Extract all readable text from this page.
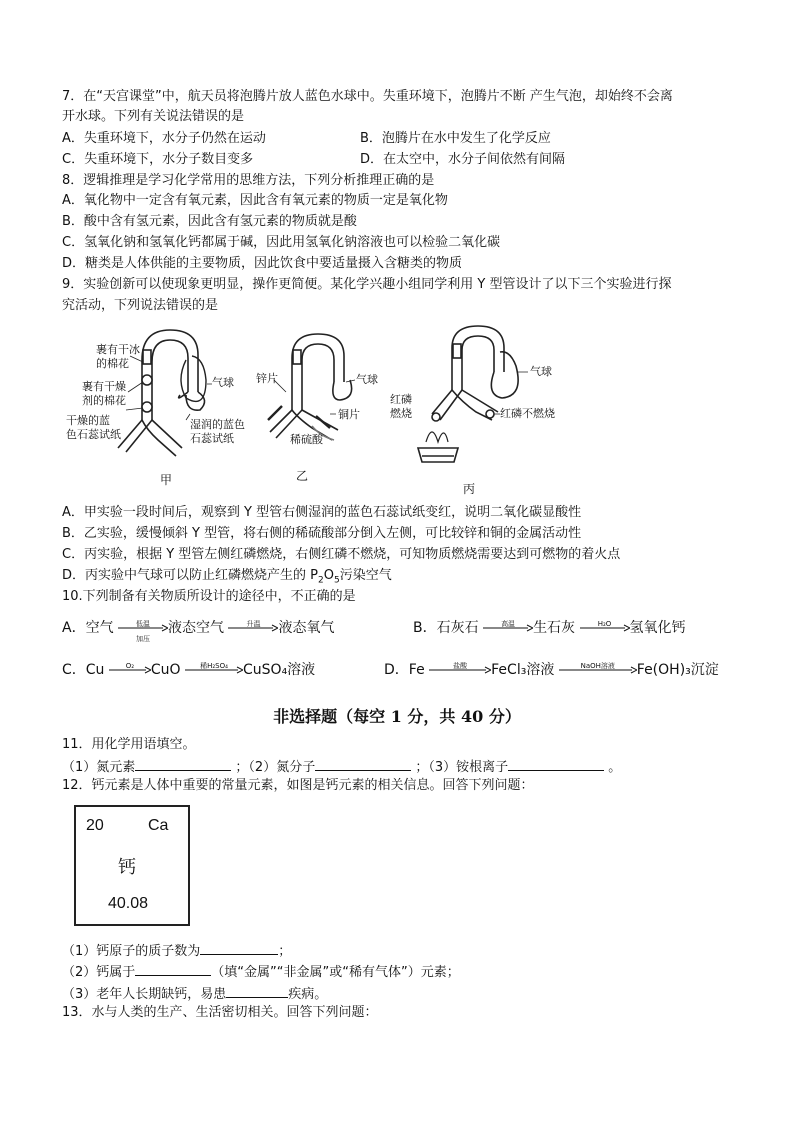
7．在“天宫课堂”中，航天员将泡腾片放人蓝色水球中。失重环境下，泡腾片不断 产生气泡，却始终不会离
开水球。下列有关说法错误的是
A．失重环境下，水分子仍然在运动	B．泡腾片在水中发生了化学反应
C．失重环境下，水分子数目变多	D．在太空中，水分子间依然有间隔
8．逻辑推理是学习化学常用的思维方法，下列分析推理正确的是
A．氧化物中一定含有氧元素，因此含有氧元素的物质一定是氧化物
B．酸中含有氢元素，因此含有氢元素的物质就是酸
C．氢氧化钠和氢氧化钙都属于碱，因此用氢氧化钠溶液也可以检验二氧化碳
D．糖类是人体供能的主要物质，因此饮食中要适量摄入含糖类的物质
9．实验创新可以使现象更明显，操作更简便。某化学兴趣小组同学利用 Y 型管设计了以下三个实验进行探
究活动，下列说法错误的是
裹有干冰
的棉花
裹有干燥
剂的棉花
干燥的蓝
色石蕊试纸
气球
湿润的蓝色
石蕊试纸
甲
锌片	气球
铜片
稀硫酸
乙
红磷
燃烧
气球
红磷不燃烧
丙
A．甲实验一段时间后，观察到 Y 型管右侧湿润的蓝色石蕊试纸变红，说明二氧化碳显酸性
B．乙实验，缓慢倾斜 Y 型管，将右侧的稀硫酸部分倒入左侧，可比较锌和铜的金属活动性
C．丙实验，根据 Y 型管左侧红磷燃烧，右侧红磷不燃烧，可知物质燃烧需要达到可燃物的着火点
D．丙实验中气球可以防止红磷燃烧产生的 $P_2O_5$污染空气
10.下列制备有关物质所设计的途径中，不正确的是
A．空气	低温
加压
液态空气	升温	液态氧气	B．石灰石	高温	生石灰	H₂O	氢氧化钙
C．Cu	O₂	CuO	稀H₂SO₄	CuSO₄溶液	D．Fe	盐酸	FeCl₃溶液	NaOH溶液	Fe(OH)₃沉淀
非选择题（每空 1 分，共 40 分）
11．用化学用语填空。
（1）氮元素	；（2）氮分子	；（3）铵根离子	。
12．钙元素是人体中重要的常量元素，如图是钙元素的相关信息。回答下列问题：
20	Ca
钙
40.08
（1）钙原子的质子数为	；
（2）钙属于	（填“金属”“非金属”或“稀有气体”）元素；
（3）老年人长期缺钙，易患	疾病。
13．水与人类的生产、生活密切相关。回答下列问题：
